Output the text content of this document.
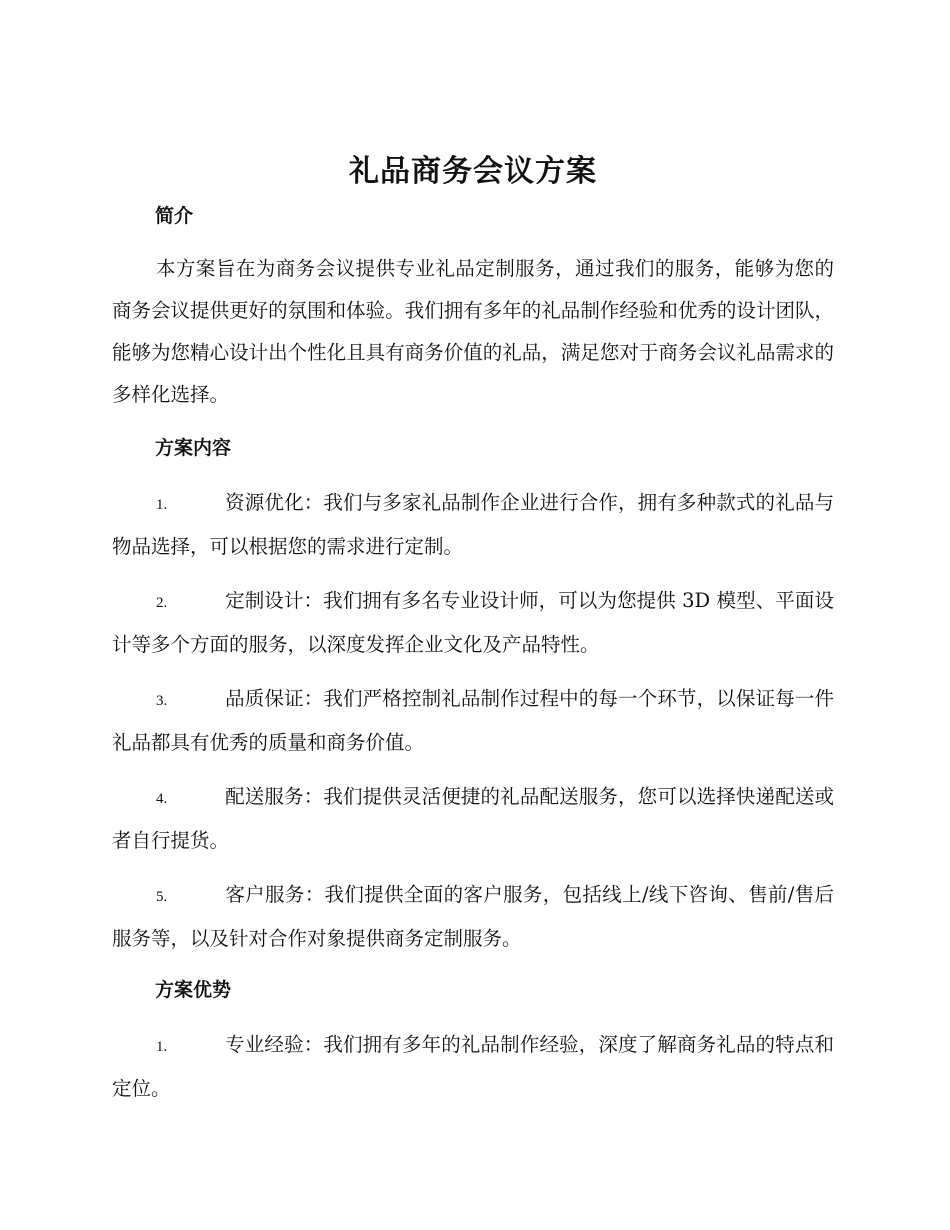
礼品商务会议方案
简介

本方案旨在为商务会议提供专业礼品定制服务，通过我们的服务，能够为您的商务会议提供更好的氛围和体验。我们拥有多年的礼品制作经验和优秀的设计团队，能够为您精心设计出个性化且具有商务价值的礼品，满足您对于商务会议礼品需求的多样化选择。

方案内容
1.	资源优化：我们与多家礼品制作企业进行合作，拥有多种款式的礼品与物品选择，可以根据您的需求进行定制。
2.	定制设计：我们拥有多名专业设计师，可以为您提供 3D 模型、平面设计等多个方面的服务，以深度发挥企业文化及产品特性。
3.	品质保证：我们严格控制礼品制作过程中的每一个环节，以保证每一件礼品都具有优秀的质量和商务价值。
4.	配送服务：我们提供灵活便捷的礼品配送服务，您可以选择快递配送或者自行提货。
5.	客户服务：我们提供全面的客户服务，包括线上/线下咨询、售前/售后服务等，以及针对合作对象提供商务定制服务。
方案优势
1.	专业经验：我们拥有多年的礼品制作经验，深度了解商务礼品的特点和定位。
